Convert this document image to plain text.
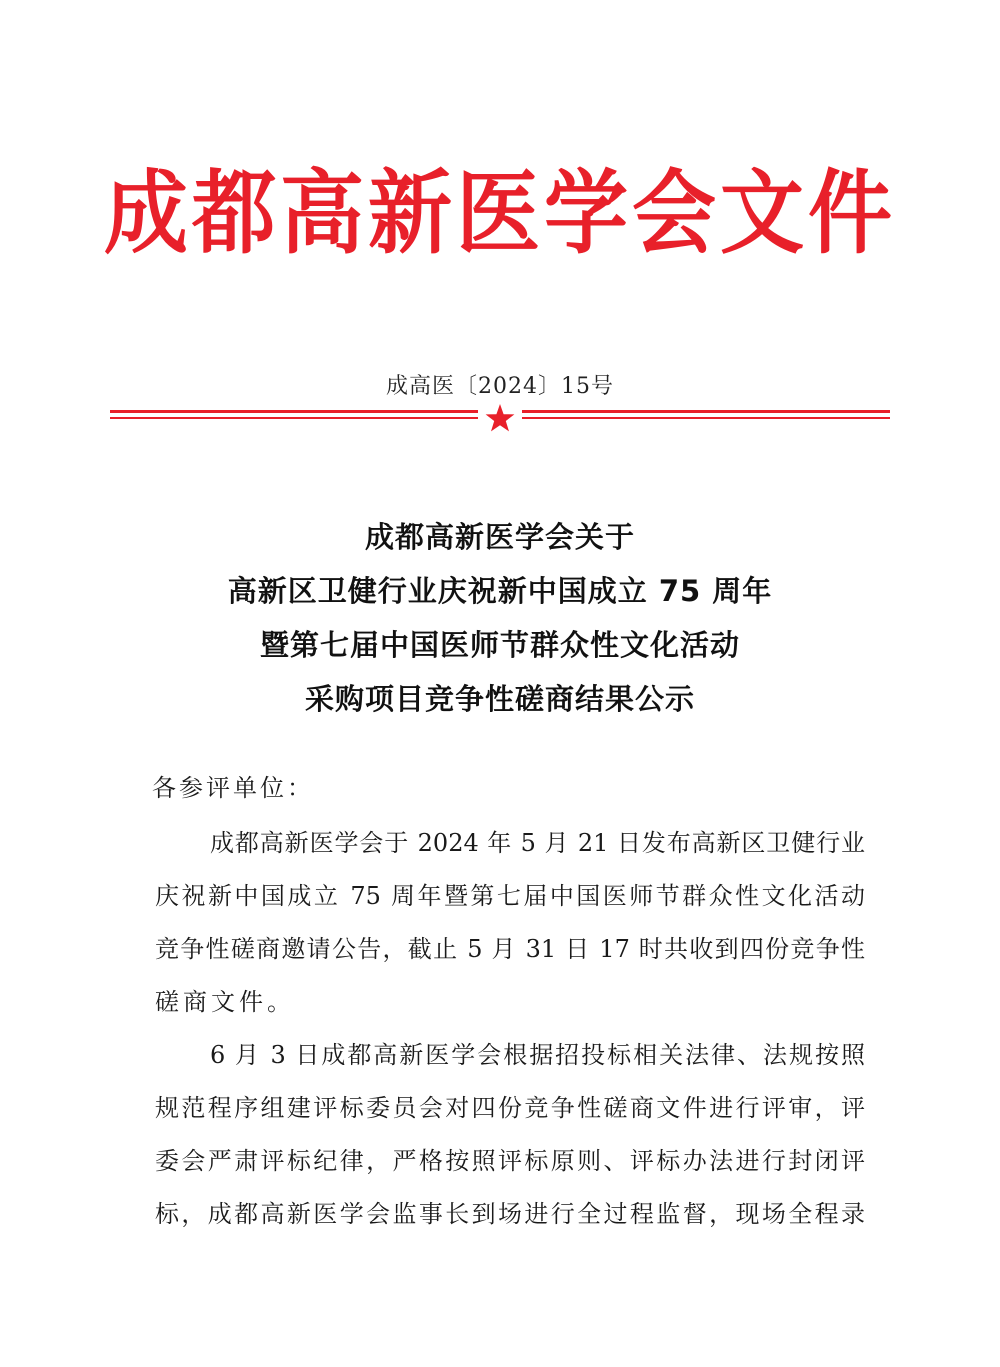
成都高新医学会文件
成高医〔2024〕15号
成都高新医学会关于
高新区卫健行业庆祝新中国成立 75 周年
暨第七届中国医师节群众性文化活动
采购项目竞争性磋商结果公示
各参评单位：
成都高新医学会于 2024 年 5 月 21 日发布高新区卫健行业
庆祝新中国成立 75 周年暨第七届中国医师节群众性文化活动
竞争性磋商邀请公告，截止 5 月 31 日 17 时共收到四份竞争性
磋商文件。
6 月 3 日成都高新医学会根据招投标相关法律、法规按照
规范程序组建评标委员会对四份竞争性磋商文件进行评审，评
委会严肃评标纪律，严格按照评标原则、评标办法进行封闭评
标，成都高新医学会监事长到场进行全过程监督，现场全程录
